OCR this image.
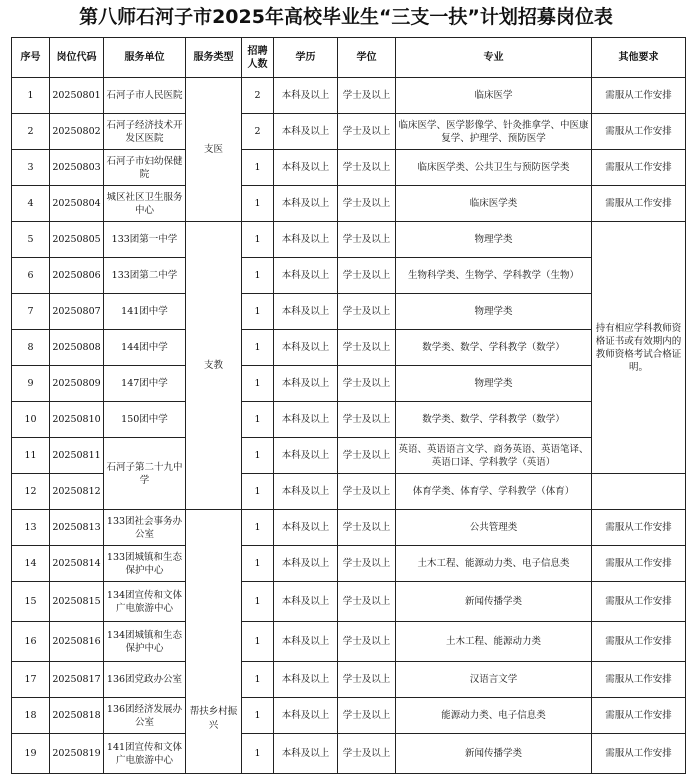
第八师石河子市2025年高校毕业生“三支一扶”计划招募岗位表
序号	岗位代码	服务单位	服务类型	招聘人数	学历	学位	专业	其他要求
1	20250801	石河子市人民医院	支医	2	本科及以上	学士及以上	临床医学	需服从工作安排
2	20250802	石河子经济技术开发区医院		2	本科及以上	学士及以上	临床医学、医学影像学、针灸推拿学、中医康复学、护理学、预防医学	需服从工作安排
3	20250803	石河子市妇幼保健院		1	本科及以上	学士及以上	临床医学类、公共卫生与预防医学类	需服从工作安排
4	20250804	城区社区卫生服务中心		1	本科及以上	学士及以上	临床医学类	需服从工作安排
5	20250805	133团第一中学	支教	1	本科及以上	学士及以上	物理学类	持有相应学科教师资格证书或有效期内的教师资格考试合格证明。
6	20250806	133团第二中学		1	本科及以上	学士及以上	生物科学类、生物学、学科教学（生物）	
7	20250807	141团中学		1	本科及以上	学士及以上	物理学类	
8	20250808	144团中学		1	本科及以上	学士及以上	数学类、数学、学科教学（数学）	
9	20250809	147团中学		1	本科及以上	学士及以上	物理学类	
10	20250810	150团中学		1	本科及以上	学士及以上	数学类、数学、学科教学（数学）	
11	20250811	石河子第二十九中学		1	本科及以上	学士及以上	英语、英语语言文学、商务英语、英语笔译、英语口译、学科教学（英语）	
12	20250812			1	本科及以上	学士及以上	体育学类、体育学、学科教学（体育）	
13	20250813	133团社会事务办公室	帮扶乡村振兴	1	本科及以上	学士及以上	公共管理类	需服从工作安排
14	20250814	133团城镇和生态保护中心		1	本科及以上	学士及以上	土木工程、能源动力类、电子信息类	需服从工作安排
15	20250815	134团宣传和文体广电旅游中心		1	本科及以上	学士及以上	新闻传播学类	需服从工作安排
16	20250816	134团城镇和生态保护中心		1	本科及以上	学士及以上	土木工程、能源动力类	需服从工作安排
17	20250817	136团党政办公室		1	本科及以上	学士及以上	汉语言文学	需服从工作安排
18	20250818	136团经济发展办公室		1	本科及以上	学士及以上	能源动力类、电子信息类	需服从工作安排
19	20250819	141团宣传和文体广电旅游中心		1	本科及以上	学士及以上	新闻传播学类	需服从工作安排
